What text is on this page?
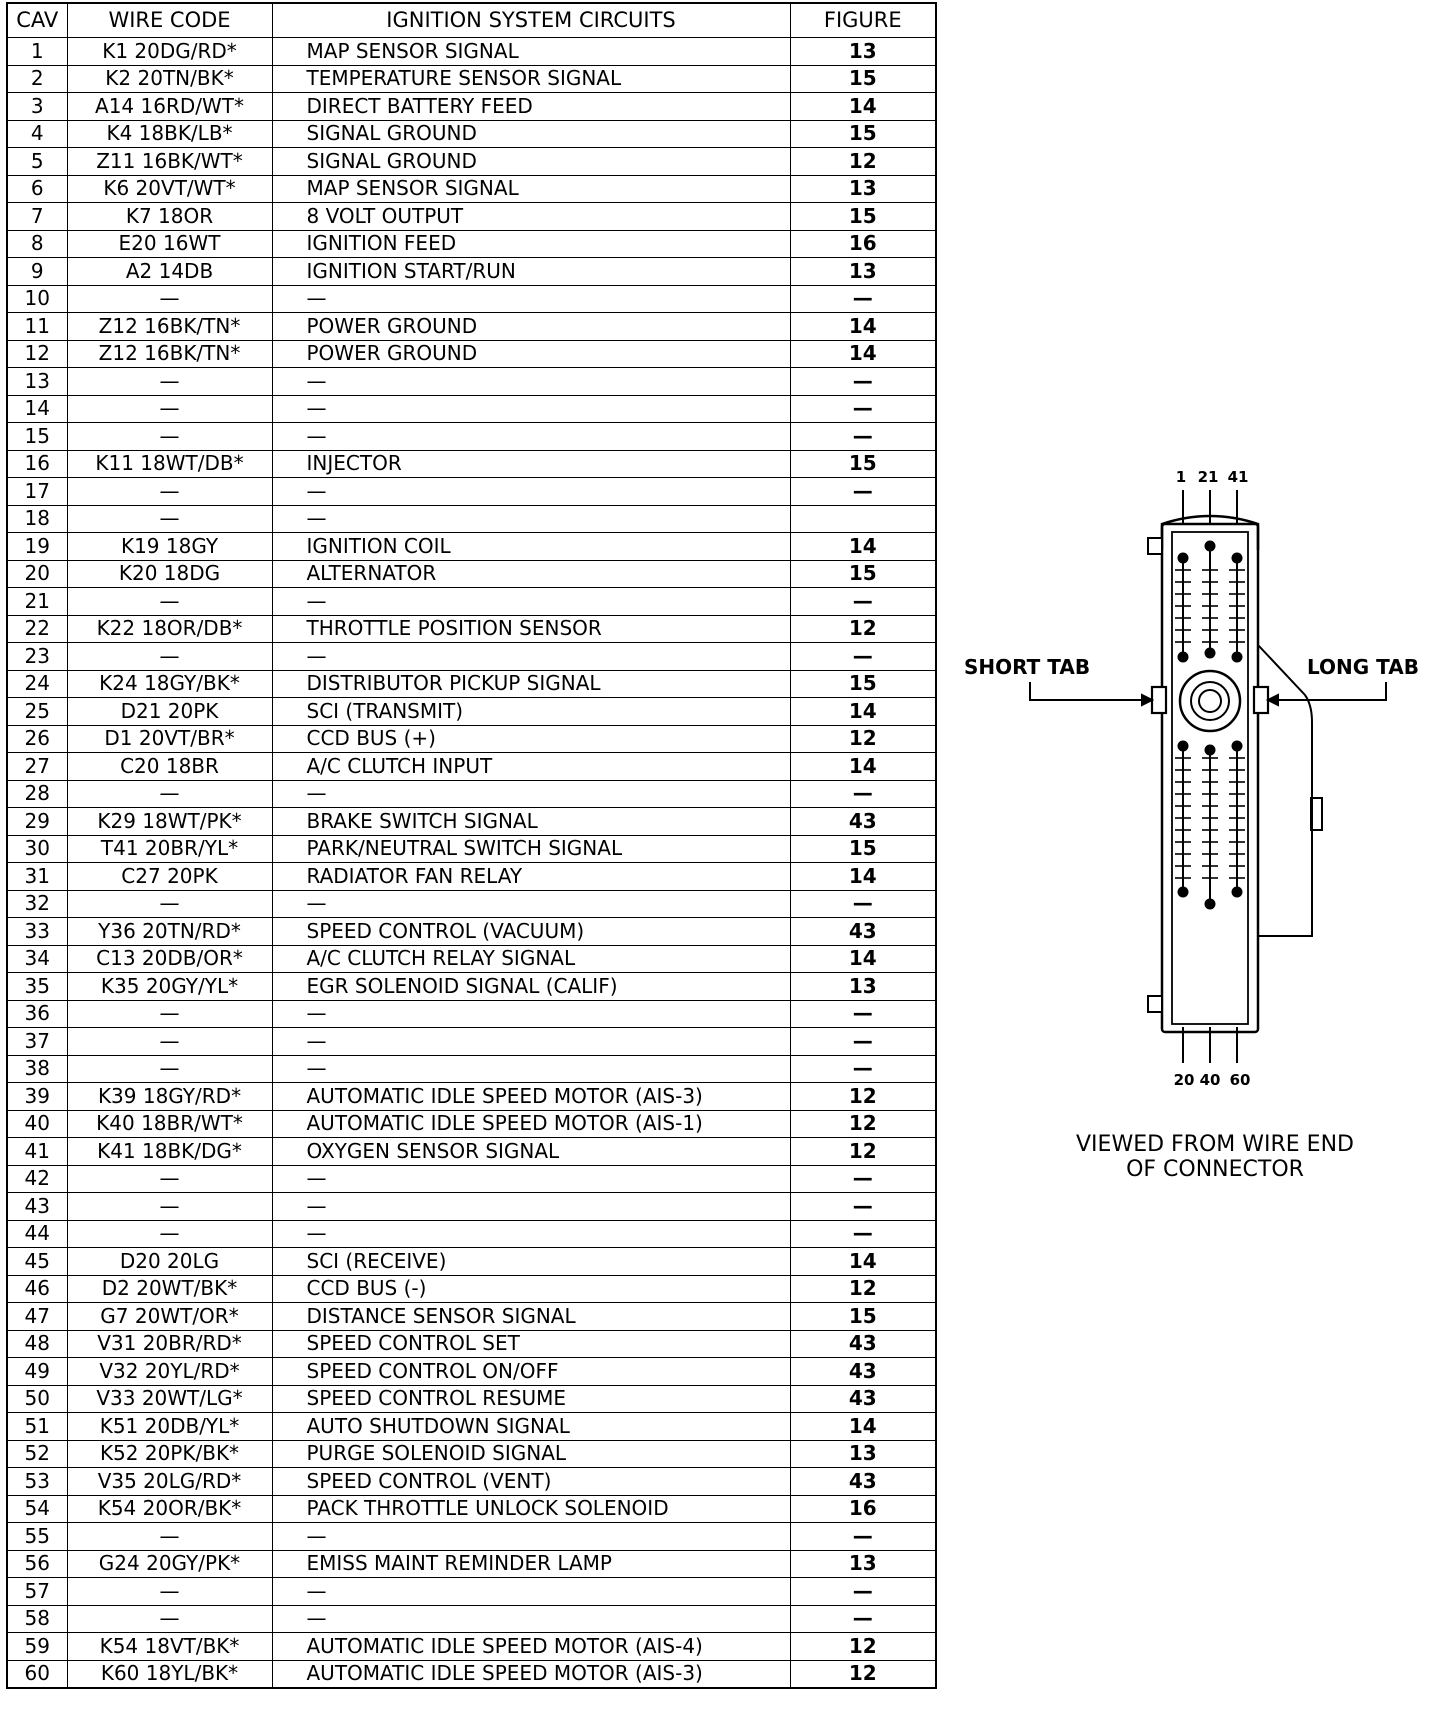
CAV	WIRE CODE	IGNITION SYSTEM CIRCUITS	FIGURE
1	K1 20DG/RD*	MAP SENSOR SIGNAL	13
2	K2 20TN/BK*	TEMPERATURE SENSOR SIGNAL	15
3	A14 16RD/WT*	DIRECT BATTERY FEED	14
4	K4 18BK/LB*	SIGNAL GROUND	15
5	Z11 16BK/WT*	SIGNAL GROUND	12
6	K6 20VT/WT*	MAP SENSOR SIGNAL	13
7	K7 18OR	8 VOLT OUTPUT	15
8	E20 16WT	IGNITION FEED	16
9	A2 14DB	IGNITION START/RUN	13
10	—	—	—
11	Z12 16BK/TN*	POWER GROUND	14
12	Z12 16BK/TN*	POWER GROUND	14
13	—	—	—
14	—	—	—
15	—	—	—
16	K11 18WT/DB*	INJECTOR	15
17	—	—	—
18	—	—	
19	K19 18GY	IGNITION COIL	14
20	K20 18DG	ALTERNATOR	15
21	—	—	—
22	K22 18OR/DB*	THROTTLE POSITION SENSOR	12
23	—	—	—
24	K24 18GY/BK*	DISTRIBUTOR PICKUP SIGNAL	15
25	D21 20PK	SCI (TRANSMIT)	14
26	D1 20VT/BR*	CCD BUS (+)	12
27	C20 18BR	A/C CLUTCH INPUT	14
28	—	—	—
29	K29 18WT/PK*	BRAKE SWITCH SIGNAL	43
30	T41 20BR/YL*	PARK/NEUTRAL SWITCH SIGNAL	15
31	C27 20PK	RADIATOR FAN RELAY	14
32	—	—	—
33	Y36 20TN/RD*	SPEED CONTROL (VACUUM)	43
34	C13 20DB/OR*	A/C CLUTCH RELAY SIGNAL	14
35	K35 20GY/YL*	EGR SOLENOID SIGNAL (CALIF)	13
36	—	—	—
37	—	—	—
38	—	—	—
39	K39 18GY/RD*	AUTOMATIC IDLE SPEED MOTOR (AIS-3)	12
40	K40 18BR/WT*	AUTOMATIC IDLE SPEED MOTOR (AIS-1)	12
41	K41 18BK/DG*	OXYGEN SENSOR SIGNAL	12
42	—	—	—
43	—	—	—
44	—	—	—
45	D20 20LG	SCI (RECEIVE)	14
46	D2 20WT/BK*	CCD BUS (-)	12
47	G7 20WT/OR*	DISTANCE SENSOR SIGNAL	15
48	V31 20BR/RD*	SPEED CONTROL SET	43
49	V32 20YL/RD*	SPEED CONTROL ON/OFF	43
50	V33 20WT/LG*	SPEED CONTROL RESUME	43
51	K51 20DB/YL*	AUTO SHUTDOWN SIGNAL	14
52	K52 20PK/BK*	PURGE SOLENOID SIGNAL	13
53	V35 20LG/RD*	SPEED CONTROL (VENT)	43
54	K54 20OR/BK*	PACK THROTTLE UNLOCK SOLENOID	16
55	—	—	—
56	G24 20GY/PK*	EMISS MAINT REMINDER LAMP	13
57	—	—	—
58	—	—	—
59	K54 18VT/BK*	AUTOMATIC IDLE SPEED MOTOR (AIS-4)	12
60	K60 18YL/BK*	AUTOMATIC IDLE SPEED MOTOR (AIS-3)	12
1 21 41
20 40 60
SHORT TAB	LONG TAB
VIEWED FROM WIRE END
OF CONNECTOR
